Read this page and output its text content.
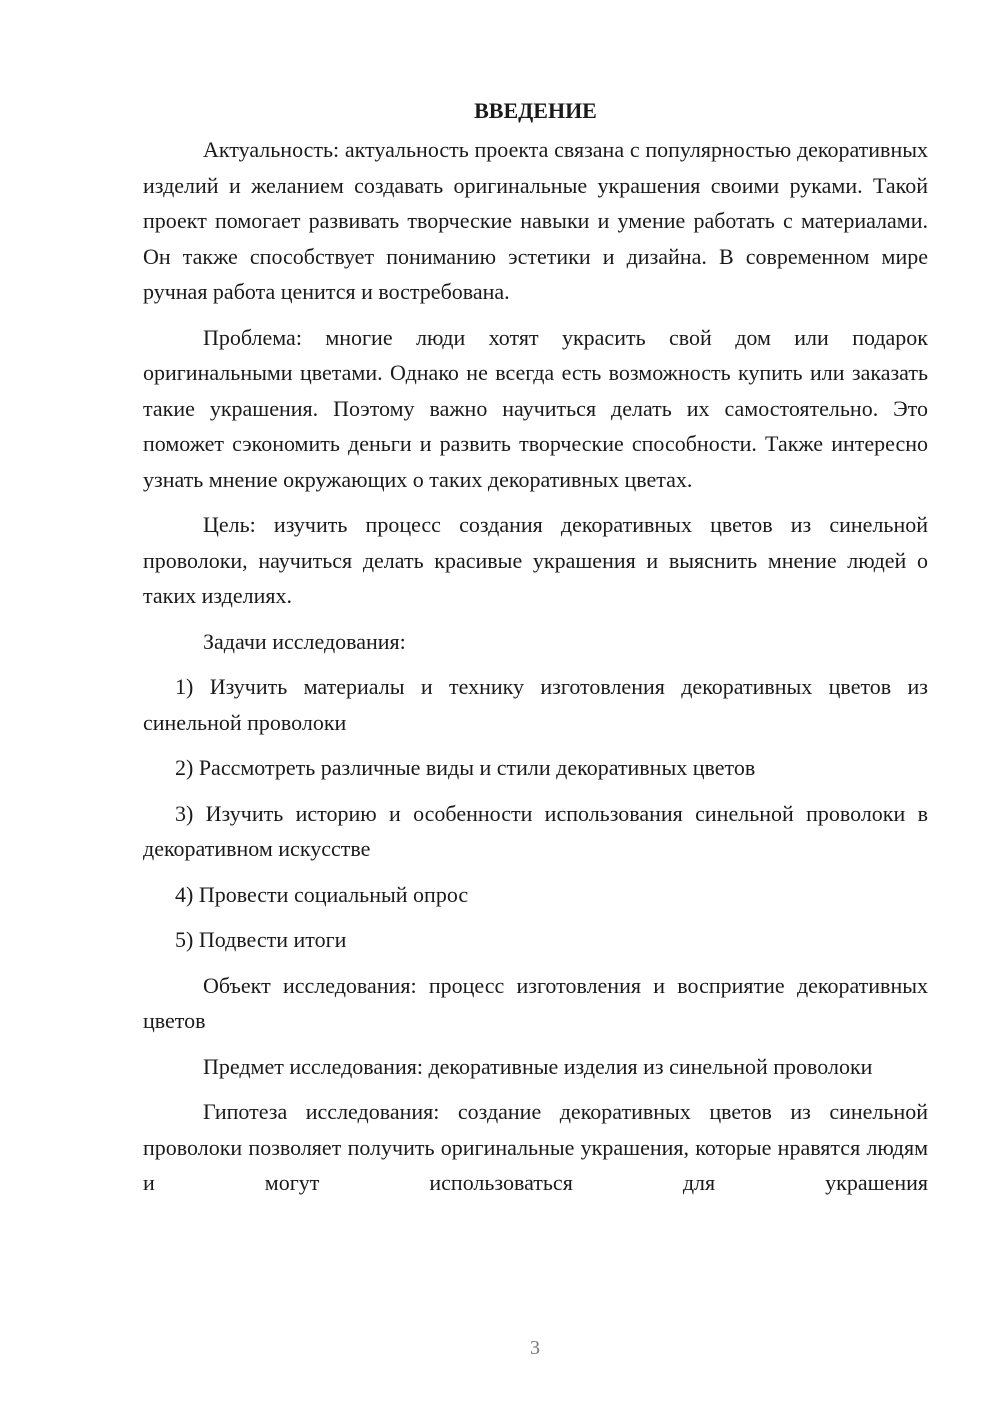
ВВЕДЕНИЕ

Актуальность: актуальность проекта связана с популярностью декоративных изделий и желанием создавать оригинальные украшения своими руками. Такой проект помогает развивать творческие навыки и умение работать с материалами. Он также способствует пониманию эстетики и дизайна. В современном мире ручная работа ценится и востребована.

Проблема: многие люди хотят украсить свой дом или подарок оригинальными цветами. Однако не всегда есть возможность купить или заказать такие украшения. Поэтому важно научиться делать их самостоятельно. Это поможет сэкономить деньги и развить творческие способности. Также интересно узнать мнение окружающих о таких декоративных цветах.

Цель: изучить процесс создания декоративных цветов из синельной проволоки, научиться делать красивые украшения и выяснить мнение людей о таких изделиях.

Задачи исследования:

1) Изучить материалы и технику изготовления декоративных цветов из синельной проволоки

2) Рассмотреть различные виды и стили декоративных цветов

3) Изучить историю и особенности использования синельной проволоки в декоративном искусстве

4) Провести социальный опрос

5) Подвести итоги

Объект исследования: процесс изготовления и восприятие декоративных цветов

Предмет исследования: декоративные изделия из синельной проволоки

Гипотеза исследования: создание декоративных цветов из синельной проволоки позволяет получить оригинальные украшения, которые нравятся людям и могут использоваться для украшения

3
